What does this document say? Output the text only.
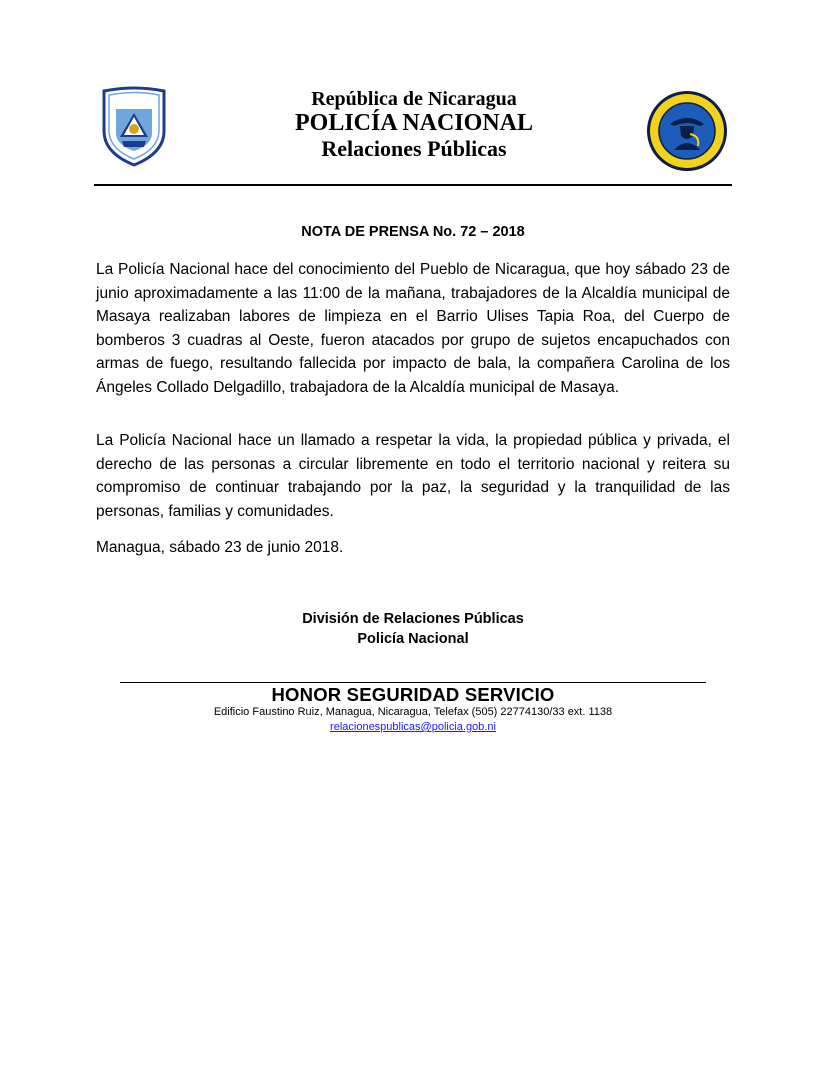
República de Nicaragua
POLICÍA NACIONAL
Relaciones Públicas
NOTA DE PRENSA No. 72 – 2018

La Policía Nacional hace del conocimiento del Pueblo de Nicaragua, que hoy sábado 23 de junio aproximadamente a las 11:00 de la mañana, trabajadores de la Alcaldía municipal de Masaya realizaban labores de limpieza en el Barrio Ulises Tapia Roa, del Cuerpo de bomberos 3 cuadras al Oeste, fueron atacados por grupo de sujetos encapuchados con armas de fuego, resultando fallecida por impacto de bala, la compañera Carolina de los Ángeles Collado Delgadillo, trabajadora de la Alcaldía municipal de Masaya.

La Policía Nacional hace un llamado a respetar la vida, la propiedad pública y privada, el derecho de las personas a circular libremente en todo el territorio nacional y reitera su compromiso de continuar trabajando por la paz, la seguridad y la tranquilidad de las personas, familias y comunidades.

Managua, sábado 23 de junio 2018.

División de Relaciones Públicas
Policía Nacional
HONOR SEGURIDAD SERVICIO
Edificio Faustino Ruiz, Managua, Nicaragua, Telefax (505) 22774130/33 ext. 1138
relacionespublicas@policia.gob.ni
